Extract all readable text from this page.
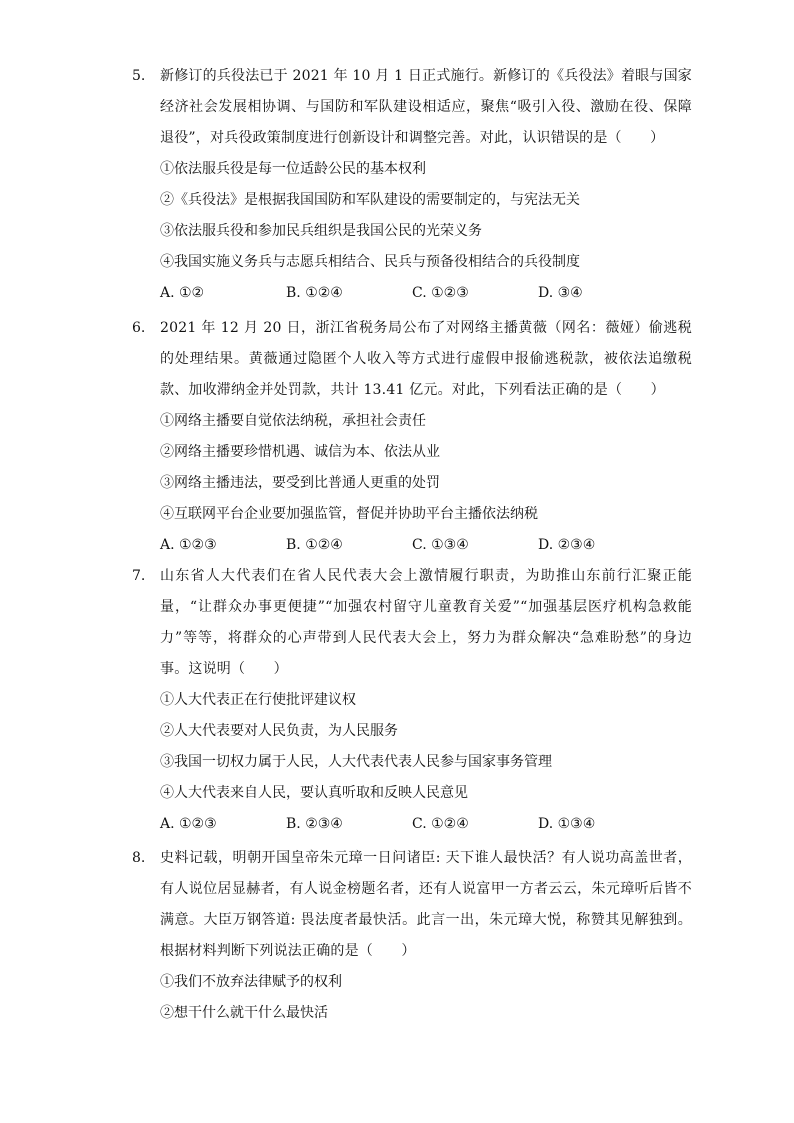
5. 新修订的兵役法已于 2021 年 10 月 1 日正式施行。新修订的《兵役法》着眼与国家经济社会发展相协调、与国防和军队建设相适应，聚焦“吸引入役、激励在役、保障退役”，对兵役政策制度进行创新设计和调整完善。对此，认识错误的是（　　）
①依法服兵役是每一位适龄公民的基本权利
②《兵役法》是根据我国国防和军队建设的需要制定的，与宪法无关
③依法服兵役和参加民兵组织是我国公民的光荣义务
④我国实施义务兵与志愿兵相结合、民兵与预备役相结合的兵役制度
A. ①②	B. ①②④	C. ①②③	D. ③④
6. 2021 年 12 月 20 日，浙江省税务局公布了对网络主播黄薇（网名：薇娅）偷逃税的处理结果。黄薇通过隐匿个人收入等方式进行虚假申报偷逃税款，被依法追缴税款、加收滞纳金并处罚款，共计 13.41 亿元。对此，下列看法正确的是（　　）
①网络主播要自觉依法纳税，承担社会责任
②网络主播要珍惜机遇、诚信为本、依法从业
③网络主播违法，要受到比普通人更重的处罚
④互联网平台企业要加强监管，督促并协助平台主播依法纳税
A. ①②③	B. ①②④	C. ①③④	D. ②③④
7. 山东省人大代表们在省人民代表大会上激情履行职责，为助推山东前行汇聚正能量，“让群众办事更便捷”“加强农村留守儿童教育关爱”“加强基层医疗机构急救能力”等等，将群众的心声带到人民代表大会上，努力为群众解决“急难盼愁”的身边事。这说明（　　）
①人大代表正在行使批评建议权
②人大代表要对人民负责，为人民服务
③我国一切权力属于人民，人大代表代表人民参与国家事务管理
④人大代表来自人民，要认真听取和反映人民意见
A. ①②③	B. ②③④	C. ①②④	D. ①③④
8. 史料记载，明朝开国皇帝朱元璋一日问诸臣: 天下谁人最快活？有人说功高盖世者，有人说位居显赫者，有人说金榜题名者，还有人说富甲一方者云云，朱元璋听后皆不满意。大臣万钢答道: 畏法度者最快活。此言一出，朱元璋大悦，称赞其见解独到。根据材料判断下列说法正确的是（　　）
①我们不放弃法律赋予的权利
②想干什么就干什么最快活
